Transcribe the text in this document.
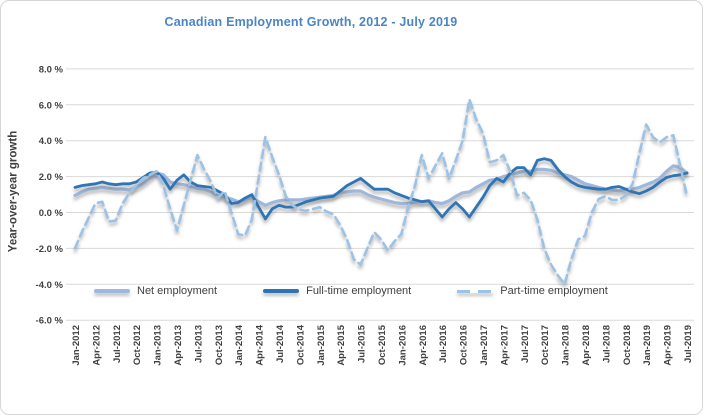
Canadian Employment Growth, 2012 - July 2019
Year-over-year growth
8.0 %
6.0 %
4.0 %
2.0 %
0.0 %
-2.0 %
-4.0 %
-6.0 %
Jan-2012 Apr-2012 Jul-2012 Oct-2012 Jan-2013 Apr-2013 Jul-2013 Oct-2013 Jan-2014 Apr-2014 Jul-2014 Oct-2014 Jan-2015 Apr-2015 Jul-2015 Oct-2015 Jan-2016 Apr-2016 Jul-2016 Oct-2016 Jan-2017 Apr-2017 Jul-2017 Oct-2017 Jan-2018 Apr-2018 Jul-2018 Oct-2018 Jan-2019 Apr-2019 Jul-2019
Net employment	Full-time employment	Part-time employment
